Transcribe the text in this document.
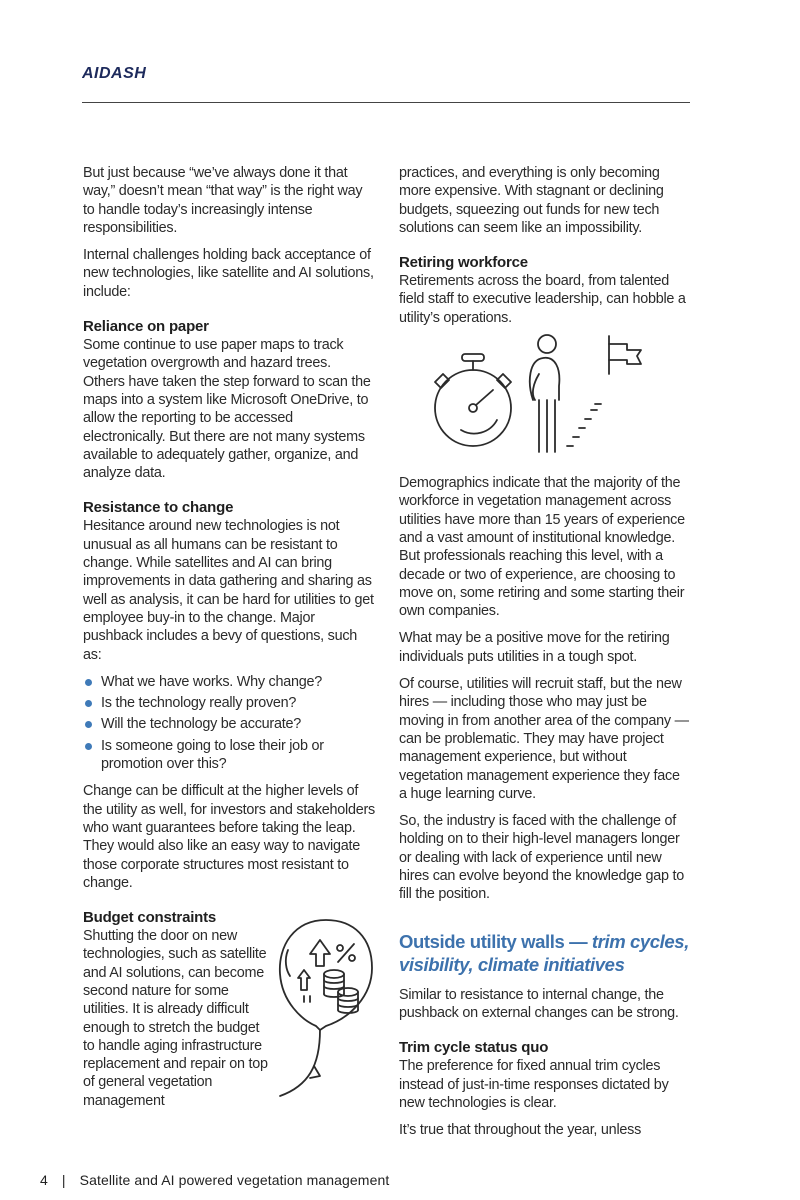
AIDASH

But just because “we’ve always done it that way,” doesn’t mean “that way” is the right way to handle today’s increasingly intense responsibilities.

Internal challenges holding back acceptance of new technologies, like satellite and AI solutions, include:

Reliance on paper

Some continue to use paper maps to track vegetation overgrowth and hazard trees. Others have taken the step forward to scan the maps into a system like Microsoft OneDrive, to allow the reporting to be accessed electronically. But there are not many systems available to adequately gather, organize, and analyze data.

Resistance to change

Hesitance around new technologies is not unusual as all humans can be resistant to change. While satellites and AI can bring improvements in data gathering and sharing as well as analysis, it can be hard for utilities to get employee buy-in to the change. Major pushback includes a bevy of questions, such as:

What we have works. Why change?
Is the technology really proven?
Will the technology be accurate?
Is someone going to lose their job or promotion over this?

Change can be difficult at the higher levels of the utility as well, for investors and stakeholders who want guarantees before taking the leap. They would also like an easy way to navigate those corporate structures most resistant to change.

Budget constraints

Shutting the door on new technologies, such as satellite and AI solutions, can become second nature for some utilities. It is already difficult enough to stretch the budget to handle aging infrastructure replacement and repair on top of general vegetation management

practices, and everything is only becoming more expensive. With stagnant or declining budgets, squeezing out funds for new tech solutions can seem like an impossibility.

Retiring workforce

Retirements across the board, from talented field staff to executive leadership, can hobble a utility’s operations.

Demographics indicate that the majority of the workforce in vegetation management across utilities have more than 15 years of experience and a vast amount of institutional knowledge. But professionals reaching this level, with a decade or two of experience, are choosing to move on, some retiring and some starting their own companies.

What may be a positive move for the retiring individuals puts utilities in a tough spot.

Of course, utilities will recruit staff, but the new hires — including those who may just be moving in from another area of the company — can be problematic. They may have project management experience, but without vegetation management experience they face a huge learning curve.

So, the industry is faced with the challenge of holding on to their high-level managers longer or dealing with lack of experience until new hires can evolve beyond the knowledge gap to fill the position.

Outside utility walls — trim cycles, visibility, climate initiatives

Similar to resistance to internal change, the pushback on external changes can be strong.

Trim cycle status quo

The preference for fixed annual trim cycles instead of just-in-time responses dictated by new technologies is clear.

It’s true that throughout the year, unless

4 | Satellite and AI powered vegetation management
